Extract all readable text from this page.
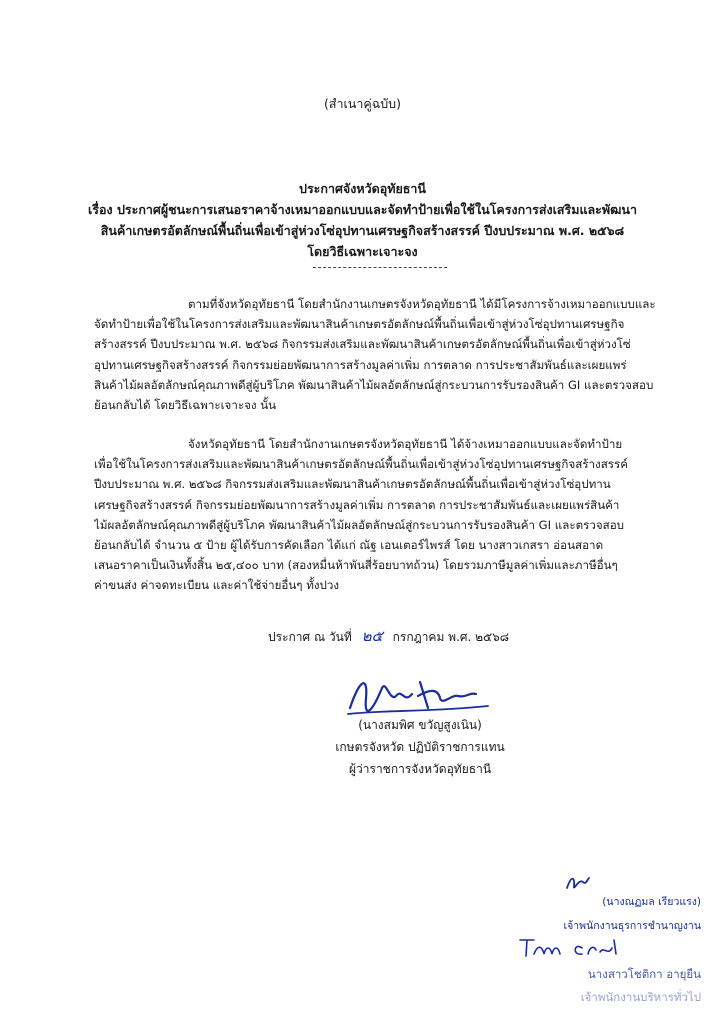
(สำเนาคู่ฉบับ)
ประกาศจังหวัดอุทัยธานี
เรื่อง ประกาศผู้ชนะการเสนอราคาจ้างเหมาออกแบบและจัดทำป้ายเพื่อใช้ในโครงการส่งเสริมและพัฒนา
สินค้าเกษตรอัตลักษณ์พื้นถิ่นเพื่อเข้าสู่ห่วงโซ่อุปทานเศรษฐกิจสร้างสรรค์ ปีงบประมาณ พ.ศ. ๒๕๖๘
โดยวิธีเฉพาะเจาะจง
ตามที่จังหวัดอุทัยธานี โดยสำนักงานเกษตรจังหวัดอุทัยธานี ได้มีโครงการจ้างเหมาออกแบบและ
จัดทำป้ายเพื่อใช้ในโครงการส่งเสริมและพัฒนาสินค้าเกษตรอัตลักษณ์พื้นถิ่นเพื่อเข้าสู่ห่วงโซ่อุปทานเศรษฐกิจ
สร้างสรรค์ ปีงบประมาณ พ.ศ. ๒๕๖๘ กิจกรรมส่งเสริมและพัฒนาสินค้าเกษตรอัตลักษณ์พื้นถิ่นเพื่อเข้าสู่ห่วงโซ่
อุปทานเศรษฐกิจสร้างสรรค์ กิจกรรมย่อยพัฒนาการสร้างมูลค่าเพิ่ม การตลาด การประชาสัมพันธ์และเผยแพร่
สินค้าไม้ผลอัตลักษณ์คุณภาพดีสู่ผู้บริโภค พัฒนาสินค้าไม้ผลอัตลักษณ์สู่กระบวนการรับรองสินค้า GI และตรวจสอบ
ย้อนกลับได้ โดยวิธีเฉพาะเจาะจง นั้น
จังหวัดอุทัยธานี โดยสำนักงานเกษตรจังหวัดอุทัยธานี ได้จ้างเหมาออกแบบและจัดทำป้าย
เพื่อใช้ในโครงการส่งเสริมและพัฒนาสินค้าเกษตรอัตลักษณ์พื้นถิ่นเพื่อเข้าสู่ห่วงโซ่อุปทานเศรษฐกิจสร้างสรรค์
ปีงบประมาณ พ.ศ. ๒๕๖๘ กิจกรรมส่งเสริมและพัฒนาสินค้าเกษตรอัตลักษณ์พื้นถิ่นเพื่อเข้าสู่ห่วงโซ่อุปทาน
เศรษฐกิจสร้างสรรค์ กิจกรรมย่อยพัฒนาการสร้างมูลค่าเพิ่ม การตลาด การประชาสัมพันธ์และเผยแพร่สินค้า
ไม้ผลอัตลักษณ์คุณภาพดีสู่ผู้บริโภค พัฒนาสินค้าไม้ผลอัตลักษณ์สู่กระบวนการรับรองสินค้า GI และตรวจสอบ
ย้อนกลับได้ จำนวน ๕ ป้าย ผู้ได้รับการคัดเลือก ได้แก่ ณัฐ เอนเตอร์ไพรส์ โดย นางสาวเกสรา อ่อนสอาด
เสนอราคาเป็นเงินทั้งสิ้น ๒๕,๔๐๐ บาท (สองหมื่นห้าพันสี่ร้อยบาทถ้วน) โดยรวมภาษีมูลค่าเพิ่มและภาษีอื่นๆ
ค่าขนส่ง ค่าจดทะเบียน และค่าใช้จ่ายอื่นๆ ทั้งปวง
ประกาศ ณ วันที่ ๒๕ กรกฎาคม พ.ศ. ๒๕๖๘
(นางสมพิศ ขวัญสูงเนิน)
เกษตรจังหวัด ปฏิบัติราชการแทน
ผู้ว่าราชการจังหวัดอุทัยธานี
(นางณฏมล เรียวแรง)
เจ้าพนักงานธุรการชำนาญงาน
นางสาวโชติกา อายุยืน
เจ้าพนักงานบริหารทั่วไป
